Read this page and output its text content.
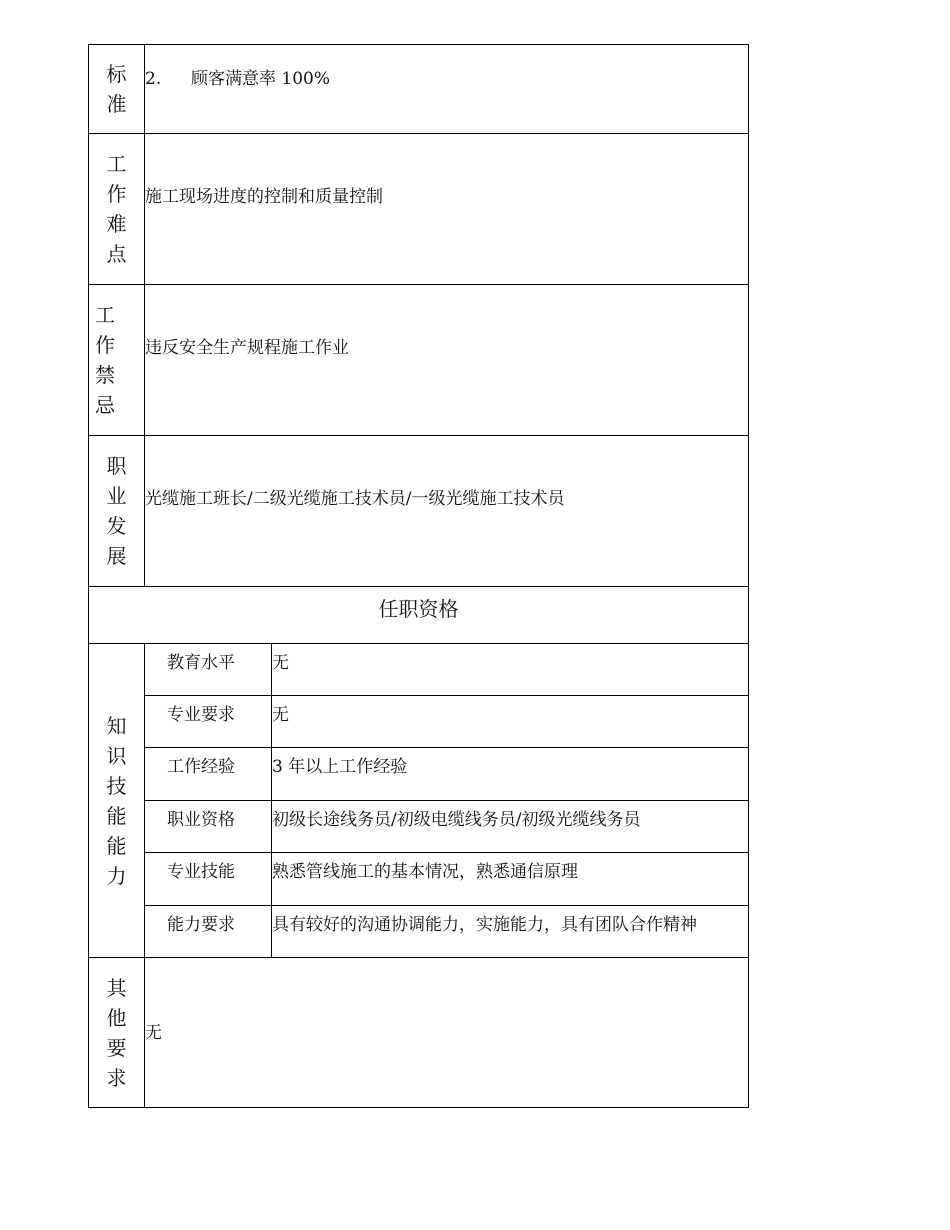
标准	2. 顾客满意率 100%	
工作难点	施工现场进度的控制和质量控制	
工作禁忌	违反安全生产规程施工作业	
职业发展	光缆施工班长/二级光缆施工技术员/一级光缆施工技术员	
任职资格		
知识技能能力	教育水平	无
	专业要求	无
	工作经验	3 年以上工作经验
	职业资格	初级长途线务员/初级电缆线务员/初级光缆线务员
	专业技能	熟悉管线施工的基本情况，熟悉通信原理
	能力要求	具有较好的沟通协调能力，实施能力，具有团队合作精神
其他要求	无	
